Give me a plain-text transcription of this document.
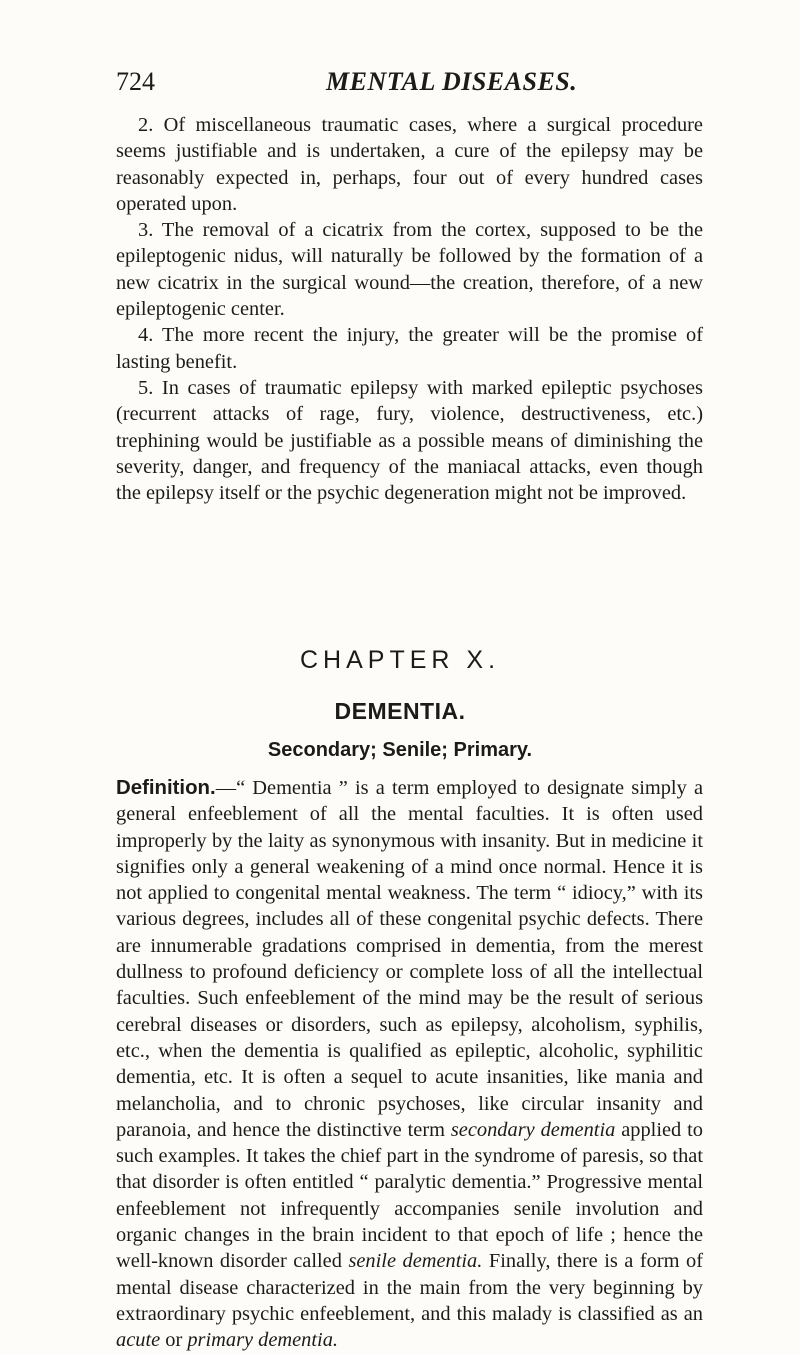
724	MENTAL DISEASES.

2. Of miscellaneous traumatic cases, where a surgical procedure seems justifiable and is undertaken, a cure of the epilepsy may be reasonably expected in, perhaps, four out of every hundred cases operated upon.

3. The removal of a cicatrix from the cortex, supposed to be the epileptogenic nidus, will naturally be followed by the formation of a new cicatrix in the surgical wound—the creation, therefore, of a new epileptogenic center.

4. The more recent the injury, the greater will be the promise of lasting benefit.

5. In cases of traumatic epilepsy with marked epileptic psychoses (recurrent attacks of rage, fury, violence, destructiveness, etc.) trephining would be justifiable as a possible means of diminishing the severity, danger, and frequency of the maniacal attacks, even though the epilepsy itself or the psychic degeneration might not be improved.

CHAPTER X.
DEMENTIA.
Secondary; Senile; Primary.

Definition.—“ Dementia ” is a term employed to designate simply a general enfeeblement of all the mental faculties. It is often used improperly by the laity as synonymous with insanity. But in medicine it signifies only a general weakening of a mind once normal. Hence it is not applied to congenital mental weakness. The term “ idiocy,” with its various degrees, includes all of these congenital psychic defects. There are innumerable gradations comprised in dementia, from the merest dullness to profound deficiency or complete loss of all the intellectual faculties. Such enfeeblement of the mind may be the result of serious cerebral diseases or disorders, such as epilepsy, alcoholism, syphilis, etc., when the dementia is qualified as epileptic, alcoholic, syphilitic dementia, etc. It is often a sequel to acute insanities, like mania and melancholia, and to chronic psychoses, like circular insanity and paranoia, and hence the distinctive term secondary dementia applied to such examples. It takes the chief part in the syndrome of paresis, so that that disorder is often entitled “ paralytic dementia.” Progressive mental enfeeblement not infrequently accompanies senile involution and organic changes in the brain incident to that epoch of life ; hence the well-known disorder called senile dementia. Finally, there is a form of mental disease characterized in the main from the very beginning by extraordinary psychic enfeeblement, and this malady is classified as an acute or primary dementia.
